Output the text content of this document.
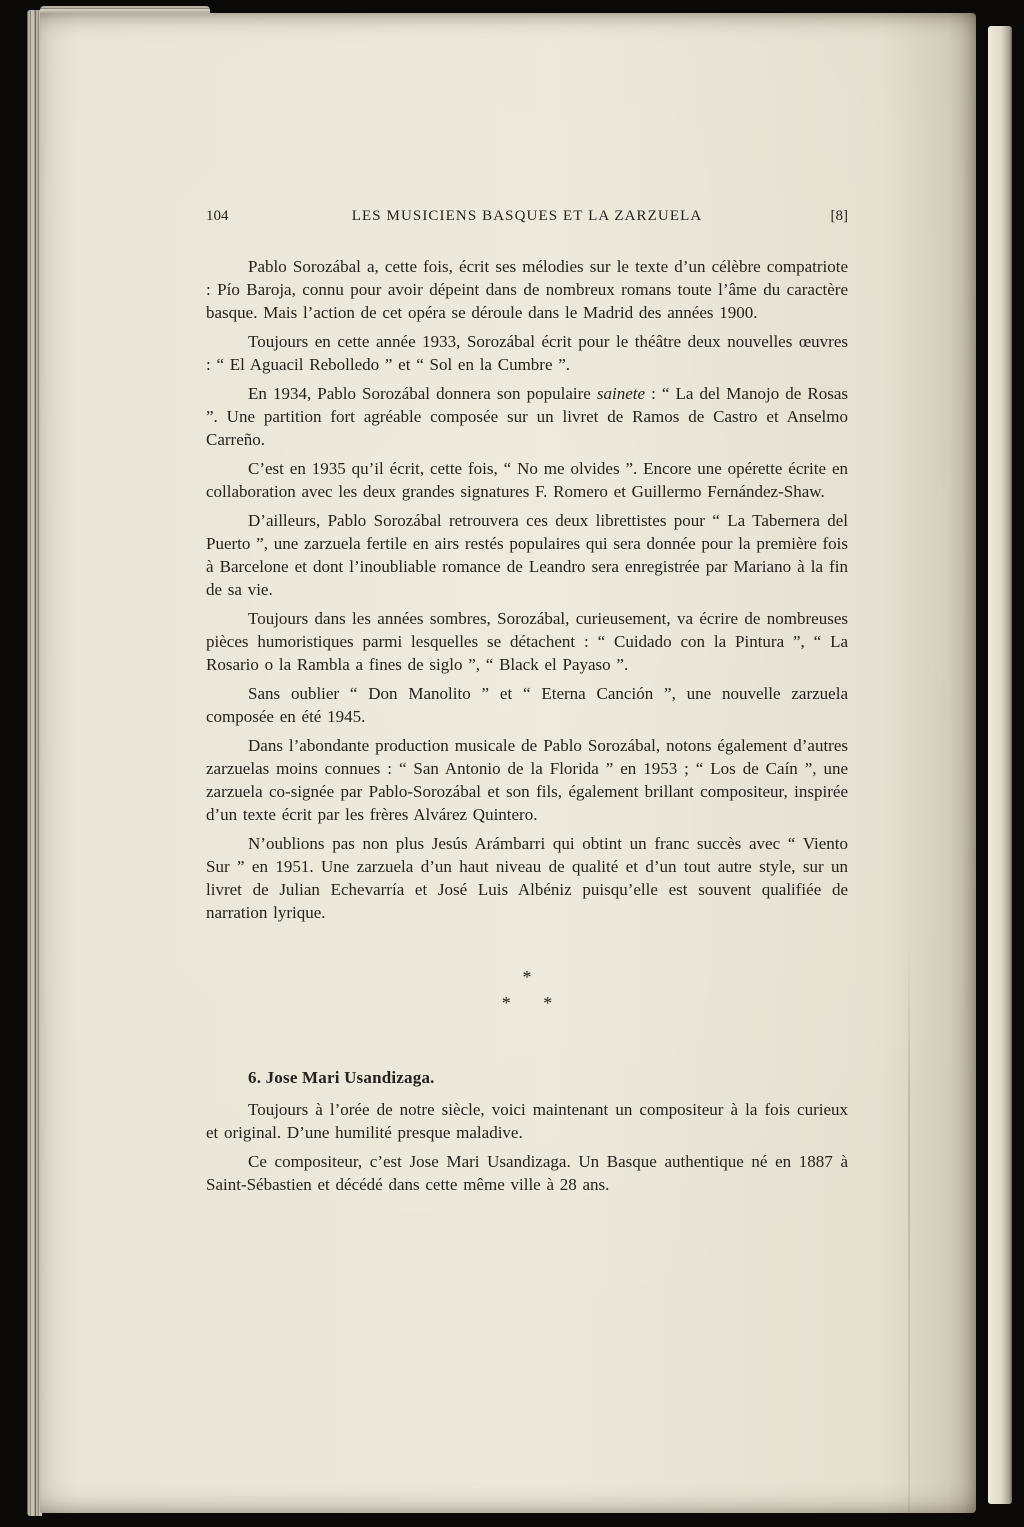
104	LES MUSICIENS BASQUES ET LA ZARZUELA	[8]

Pablo Sorozábal a, cette fois, écrit ses mélodies sur le texte d’un célèbre compatriote : Pío Baroja, connu pour avoir dépeint dans de nombreux romans toute l’âme du caractère basque. Mais l’action de cet opéra se déroule dans le Madrid des années 1900.

Toujours en cette année 1933, Sorozábal écrit pour le théâtre deux nouvelles œuvres : “ El Aguacil Rebolledo ” et “ Sol en la Cumbre ”.

En 1934, Pablo Sorozábal donnera son populaire sainete : “ La del Manojo de Rosas ”. Une partition fort agréable composée sur un livret de Ramos de Castro et Anselmo Carreño.

C’est en 1935 qu’il écrit, cette fois, “ No me olvides ”. Encore une opérette écrite en collaboration avec les deux grandes signatures F. Romero et Guillermo Fernández-Shaw.

D’ailleurs, Pablo Sorozábal retrouvera ces deux librettistes pour “ La Tabernera del Puerto ”, une zarzuela fertile en airs restés populaires qui sera donnée pour la première fois à Barcelone et dont l’inoubliable romance de Leandro sera enregistrée par Mariano à la fin de sa vie.

Toujours dans les années sombres, Sorozábal, curieusement, va écrire de nombreuses pièces humoristiques parmi lesquelles se détachent : “ Cuidado con la Pintura ”, “ La Rosario o la Rambla a fines de siglo ”, “ Black el Payaso ”.

Sans oublier “ Don Manolito ” et “ Eterna Canción ”, une nouvelle zarzuela composée en été 1945.

Dans l’abondante production musicale de Pablo Sorozábal, notons également d’autres zarzuelas moins connues : “ San Antonio de la Florida ” en 1953 ; “ Los de Caín ”, une zarzuela co-signée par Pablo-Sorozábal et son fils, également brillant compositeur, inspirée d’un texte écrit par les frères Alvárez Quintero.

N’oublions pas non plus Jesús Arámbarri qui obtint un franc succès avec “ Viento Sur ” en 1951. Une zarzuela d’un haut niveau de qualité et d’un tout autre style, sur un livret de Julian Echevarría et José Luis Albéniz puisqu’elle est souvent qualifiée de narration lyrique.

*
* *
6. Jose Mari Usandizaga.

Toujours à l’orée de notre siècle, voici maintenant un compositeur à la fois curieux et original. D’une humilité presque maladive.

Ce compositeur, c’est Jose Mari Usandizaga. Un Basque authentique né en 1887 à Saint-Sébastien et décédé dans cette même ville à 28 ans.
